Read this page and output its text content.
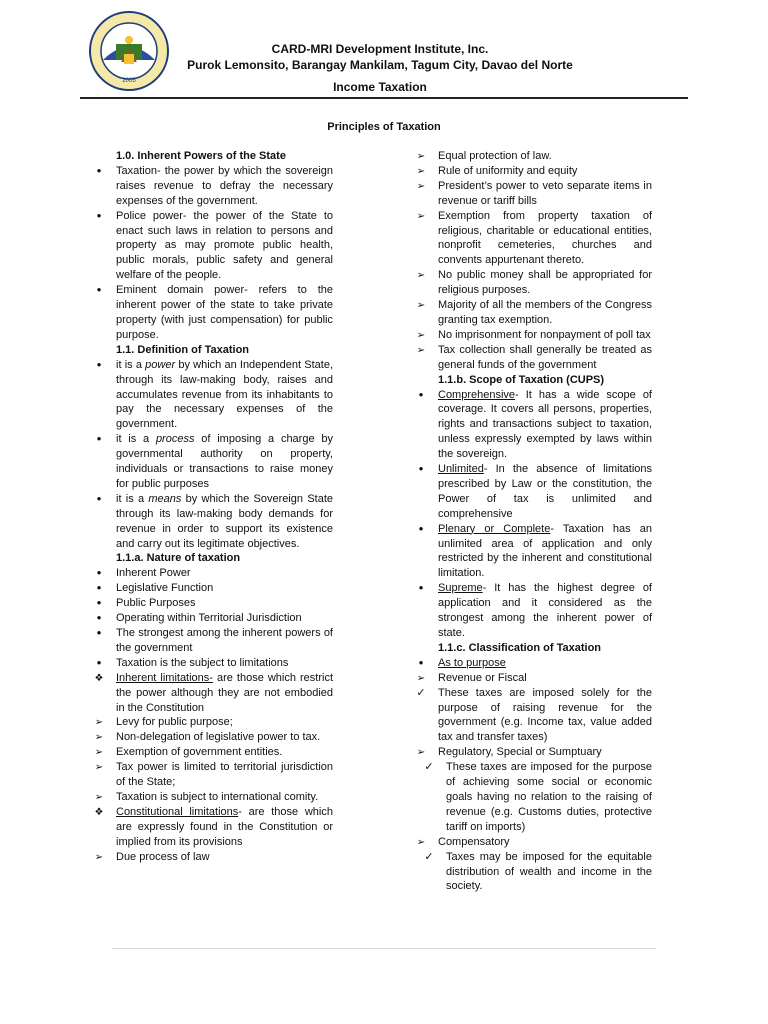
2005
CARD-MRI Development Institute, Inc.
Purok Lemonsito, Barangay Mankilam, Tagum City, Davao del Norte
Income Taxation
Principles of Taxation
1.0. Inherent Powers of the State
•
Taxation- the power by which the sovereign raises revenue to defray the necessary expenses of the government.
•
Police power- the power of the State to enact such laws in relation to persons and property as may promote public health, public morals, public safety and general welfare of the people.
•
Eminent domain power- refers to the inherent power of the state to take private property (with just compensation) for public purpose.
1.1. Definition of Taxation
•
it is a power by which an Independent State, through its law-making body, raises and accumulates revenue from its inhabitants to pay the necessary expenses of the government.
•
it is a process of imposing a charge by governmental authority on property, individuals or transactions to raise money for public purposes
•
it is a means by which the Sovereign State through its law-making body demands for revenue in order to support its existence and carry out its legitimate objectives.
1.1.a. Nature of taxation
•
Inherent Power
•
Legislative Function
•
Public Purposes
•
Operating within Territorial Jurisdiction
•
The strongest among the inherent powers of the government
•
Taxation is the subject to limitations
❖
Inherent limitations- are those which restrict the power although they are not embodied in the Constitution
➢
Levy for public purpose;
➢
Non-delegation of legislative power to tax.
➢
Exemption of government entities.
➢
Tax power is limited to territorial jurisdiction of the State;
➢
Taxation is subject to international comity.
❖
Constitutional limitations- are those which are expressly found in the Constitution or implied from its provisions
➢
Due process of law
➢
Equal protection of law.
➢
Rule of uniformity and equity
➢
President’s power to veto separate items in revenue or tariff bills
➢
Exemption from property taxation of religious, charitable or educational entities, nonprofit cemeteries, churches and convents appurtenant thereto.
➢
No public money shall be appropriated for religious purposes.
➢
Majority of all the members of the Congress granting tax exemption.
➢
No imprisonment for nonpayment of poll tax
➢
Tax collection shall generally be treated as general funds of the government
1.1.b. Scope of Taxation (CUPS)
•
Comprehensive- It has a wide scope of coverage. It covers all persons, properties, rights and transactions subject to taxation, unless expressly exempted by laws within the sovereign.
•
Unlimited- In the absence of limitations prescribed by Law or the constitution, the Power of tax is unlimited and comprehensive
•
Plenary or Complete- Taxation has an unlimited area of application and only restricted by the inherent and constitutional limitation.
•
Supreme- It has the highest degree of application and it considered as the strongest among the inherent power of state.
1.1.c. Classification of Taxation
•
As to purpose
➢
Revenue or Fiscal
✓
These taxes are imposed solely for the purpose of raising revenue for the government (e.g. Income tax, value added tax and transfer taxes)
➢
Regulatory, Special or Sumptuary
✓
These taxes are imposed for the purpose of achieving some social or economic goals having no relation to the raising of revenue (e.g. Customs duties, protective tariff on imports)
➢
Compensatory
✓
Taxes may be imposed for the equitable distribution of wealth and income in the society.
